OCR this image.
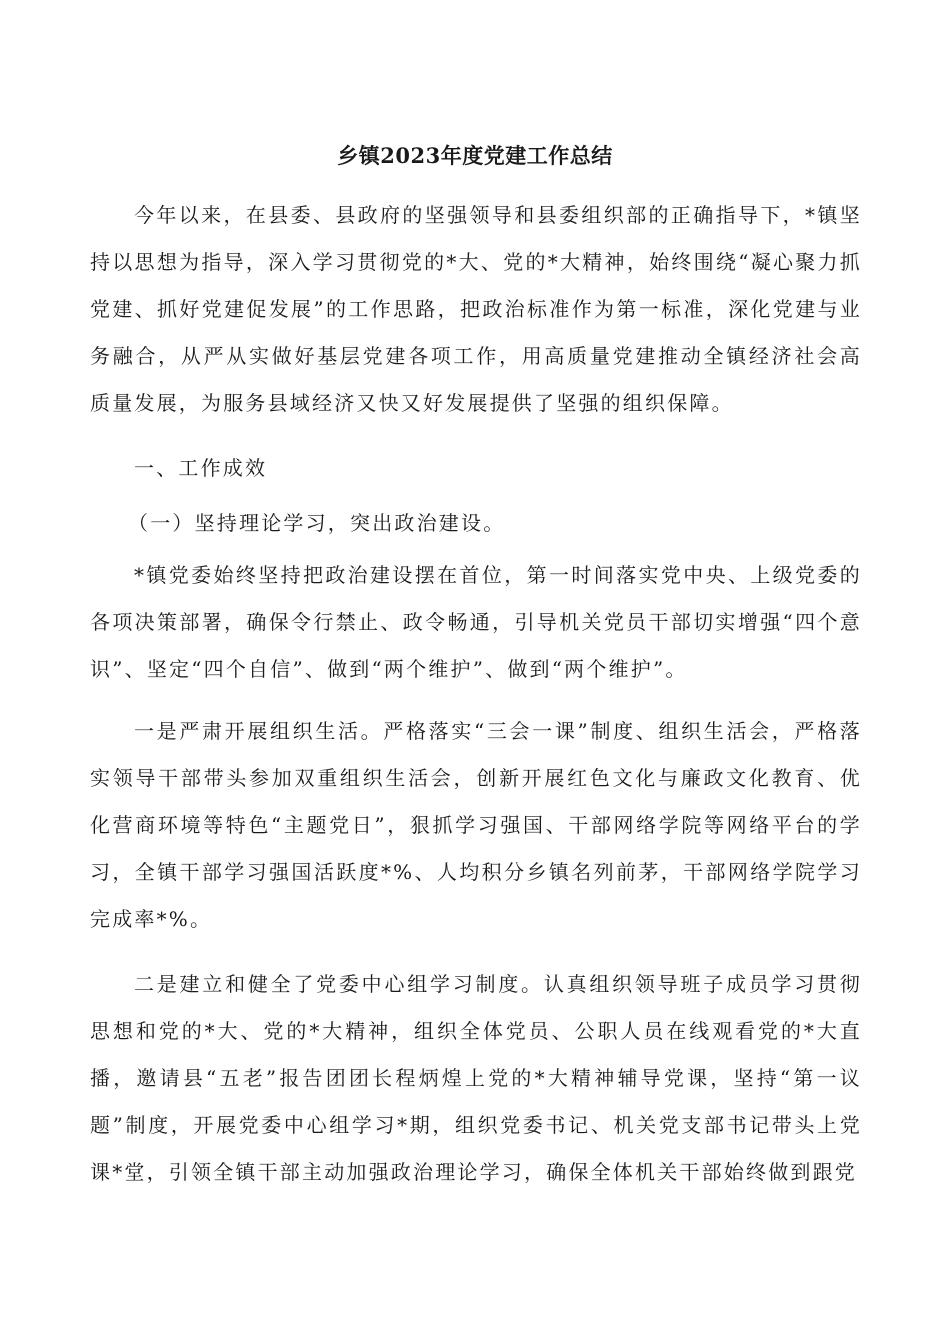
乡镇2023年度党建工作总结

今年以来，在县委、县政府的坚强领导和县委组织部的正确指导下，*镇坚持以思想为指导，深入学习贯彻党的*大、党的*大精神，始终围绕“凝心聚力抓党建、抓好党建促发展”的工作思路，把政治标准作为第一标准，深化党建与业务融合，从严从实做好基层党建各项工作，用高质量党建推动全镇经济社会高质量发展，为服务县域经济又快又好发展提供了坚强的组织保障。

一、工作成效

（一）坚持理论学习，突出政治建设。

*镇党委始终坚持把政治建设摆在首位，第一时间落实党中央、上级党委的各项决策部署，确保令行禁止、政令畅通，引导机关党员干部切实增强“四个意识”、坚定“四个自信”、做到“两个维护”、做到“两个维护”。

一是严肃开展组织生活。严格落实“三会一课”制度、组织生活会，严格落实领导干部带头参加双重组织生活会，创新开展红色文化与廉政文化教育、优化营商环境等特色“主题党日”，狠抓学习强国、干部网络学院等网络平台的学习，全镇干部学习强国活跃度*%、人均积分乡镇名列前茅，干部网络学院学习完成率*%。

二是建立和健全了党委中心组学习制度。认真组织领导班子成员学习贯彻思想和党的*大、党的*大精神，组织全体党员、公职人员在线观看党的*大直播，邀请县“五老”报告团团长程炳煌上党的*大精神辅导党课，坚持“第一议题”制度，开展党委中心组学习*期，组织党委书记、机关党支部书记带头上党课*堂，引领全镇干部主动加强政治理论学习，确保全体机关干部始终做到跟党
